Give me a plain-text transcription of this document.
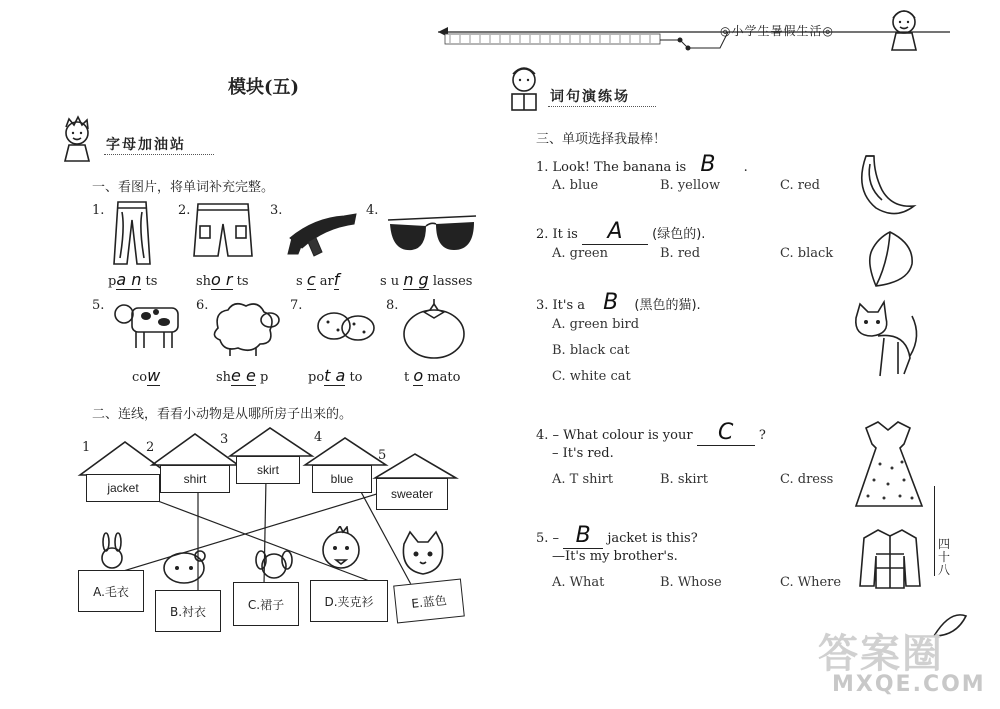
◎小学生暑假生活◎
模块(五)
字母加油站
一、看图片，将单词补充完整。
1.	2.	3.	4.
pa n ts	sho r ts	s c arf	s u n g lasses
5.	6.	7.	8.
cow	she e p	pot a to	t o mato
二、连线，看看小动物是从哪所房子出来的。
1	2
3	4
5
jacket
shirt
skirt
blue
sweater
A.毛衣
B.衬衣	C.裙子	D.夹克衫	E.蓝色
词句演练场
三、单项选择我最棒！
1. Look! The banana is B .
A. blue	B. yellow	C. red
2. It is A (绿色的).
A. green	B. red	C. black
3. It's a B (黑色的猫).
A. green bird
B. black cat
C. white cat
4. – What colour is your C ?
– It's red.
A. T shirt	B. skirt	C. dress
5. – B jacket is this?
—It's my brother's.
A. What	B. Whose	C. Where
四十八
答案圈
MXQE.COM
